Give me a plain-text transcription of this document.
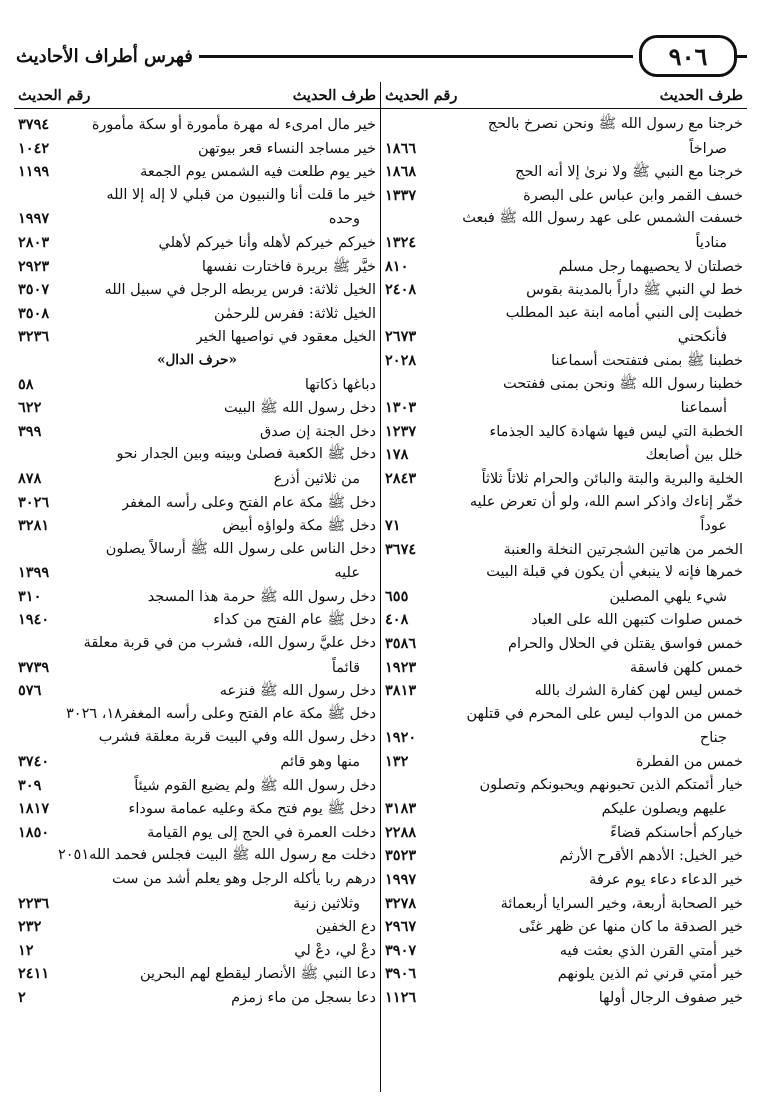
٩٠٦
فهرس أطراف الأحاديث
طرف الحديث
رقم الحديث
خرجنا مع رسول الله ﷺ ونحن نصرخ بالحج
صراخاً
١٨٦٦
خرجنا مع النبي ﷺ ولا نرىٰ إلا أنه الحج
١٨٦٨
خسف القمر وابن عباس على البصرة
١٣٣٧
خسفت الشمس على عهد رسول الله ﷺ فبعث
منادياً
١٣٢٤
خصلتان لا يحصيهما رجل مسلم
٨١٠
خط لي النبي ﷺ داراً بالمدينة بقوس
٢٤٠٨
خطبت إلى النبي أمامه ابنة عبد المطلب
فأنكحني
٢٦٧٣
خطبنا ﷺ بمنى فتفتحت أسماعنا
٢٠٢٨
خطبنا رسول الله ﷺ ونحن بمنى ففتحت
أسماعنا
١٣٠٣
الخطبة التي ليس فيها شهادة كاليد الجذماء
١٢٣٧
خلل بين أصابعك
١٧٨
الخلية والبرية والبتة والبائن والحرام ثلاثاً ثلاثاً
٢٨٤٣
خمِّر إناءك واذكر اسم الله، ولو أن تعرض عليه
عوداً
٧١
الخمر من هاتين الشجرتين النخلة والعنبة
٣٦٧٤
خمرها فإنه لا ينبغي أن يكون في قبلة البيت
شيء يلهي المصلين
٦٥٥
خمس صلوات كتبهن الله على العباد
٤٠٨
خمس فواسق يقتلن في الحلال والحرام
٣٥٨٦
خمس كلهن فاسقة
١٩٢٣
خمس ليس لهن كفارة الشرك بالله
٣٨١٣
خمس من الدواب ليس على المحرم في قتلهن
جناح
١٩٢٠
خمس من الفطرة
١٣٢
خيار أئمتكم الذين تحبونهم ويحبونكم وتصلون
عليهم ويصلون عليكم
٣١٨٣
خياركم أحاسنكم قضاءً
٢٢٨٨
خير الخيل: الأدهم الأقرح الأرثم
٣٥٢٣
خير الدعاء دعاء يوم عرفة
١٩٩٧
خير الصحابة أربعة، وخير السرايا أربعمائة
٣٢٧٨
خير الصدقة ما كان منها عن ظهر غنًى
٢٩٦٧
خير أمتي القرن الذي بعثت فيه
٣٩٠٧
خير أمتي قرني ثم الذين يلونهم
٣٩٠٦
خير صفوف الرجال أولها
١١٢٦
طرف الحديث
رقم الحديث
خير مال امرىء له مهرة مأمورة أو سكة مأمورة
٣٧٩٤
خير مساجد النساء قعر بيوتهن
١٠٤٢
خير يوم طلعت فيه الشمس يوم الجمعة
١١٩٩
خير ما قلت أنا والنبيون من قبلي لا إله إلا الله
وحده
١٩٩٧
خيركم خيركم لأهله وأنا خيركم لأهلي
٢٨٠٣
خيَّر ﷺ بريرة فاختارت نفسها
٢٩٢٣
الخيل ثلاثة: فرس يربطه الرجل في سبيل الله
٣٥٠٧
الخيل ثلاثة: ففرس للرحمٰن
٣٥٠٨
الخيل معقود في نواصيها الخير
٣٢٣٦
«حرف الدال»
دباغها ذكاتها
٥٨
دخل رسول الله ﷺ البيت
٦٢٢
دخل الجنة إن صدق
٣٩٩
دخل ﷺ الكعبة فصلىٰ وبينه وبين الجدار نحو
من ثلاثين أذرع
٨٧٨
دخل ﷺ مكة عام الفتح وعلى رأسه المغفر
٣٠٢٦
دخل ﷺ مكة ولواؤه أبيض
٣٢٨١
دخل الناس على رسول الله ﷺ أرسالاً يصلون
عليه
١٣٩٩
دخل رسول الله ﷺ حرمة هذا المسجد
٣١٠
دخل ﷺ عام الفتح من كداء
١٩٤٠
دخل عليَّ رسول الله، فشرب من في قربة معلقة
قائماً
٣٧٣٩
دخل رسول الله ﷺ فنزعه
٥٧٦
دخل ﷺ مكة عام الفتح وعلى رأسه المغفر١٨، ٣٠٢٦
دخل رسول الله وفي البيت قربة معلقة فشرب
منها وهو قائم
٣٧٤٠
دخل رسول الله ﷺ ولم يضيع القوم شيئاً
٣٠٩
دخل ﷺ يوم فتح مكة وعليه عمامة سوداء
١٨١٧
دخلت العمرة في الحج إلى يوم القيامة
١٨٥٠
دخلت مع رسول الله ﷺ البيت فجلس فحمد الله٢٠٥١
درهم ربا يأكله الرجل وهو يعلم أشد من ست
وثلاثين زنية
٢٢٣٦
دع الخفين
٢٣٢
دعْ لي، دعْ لي
١٢
دعا النبي ﷺ الأنصار ليقطع لهم البحرين
٢٤١١
دعا بسجل من ماء زمزم
٢
